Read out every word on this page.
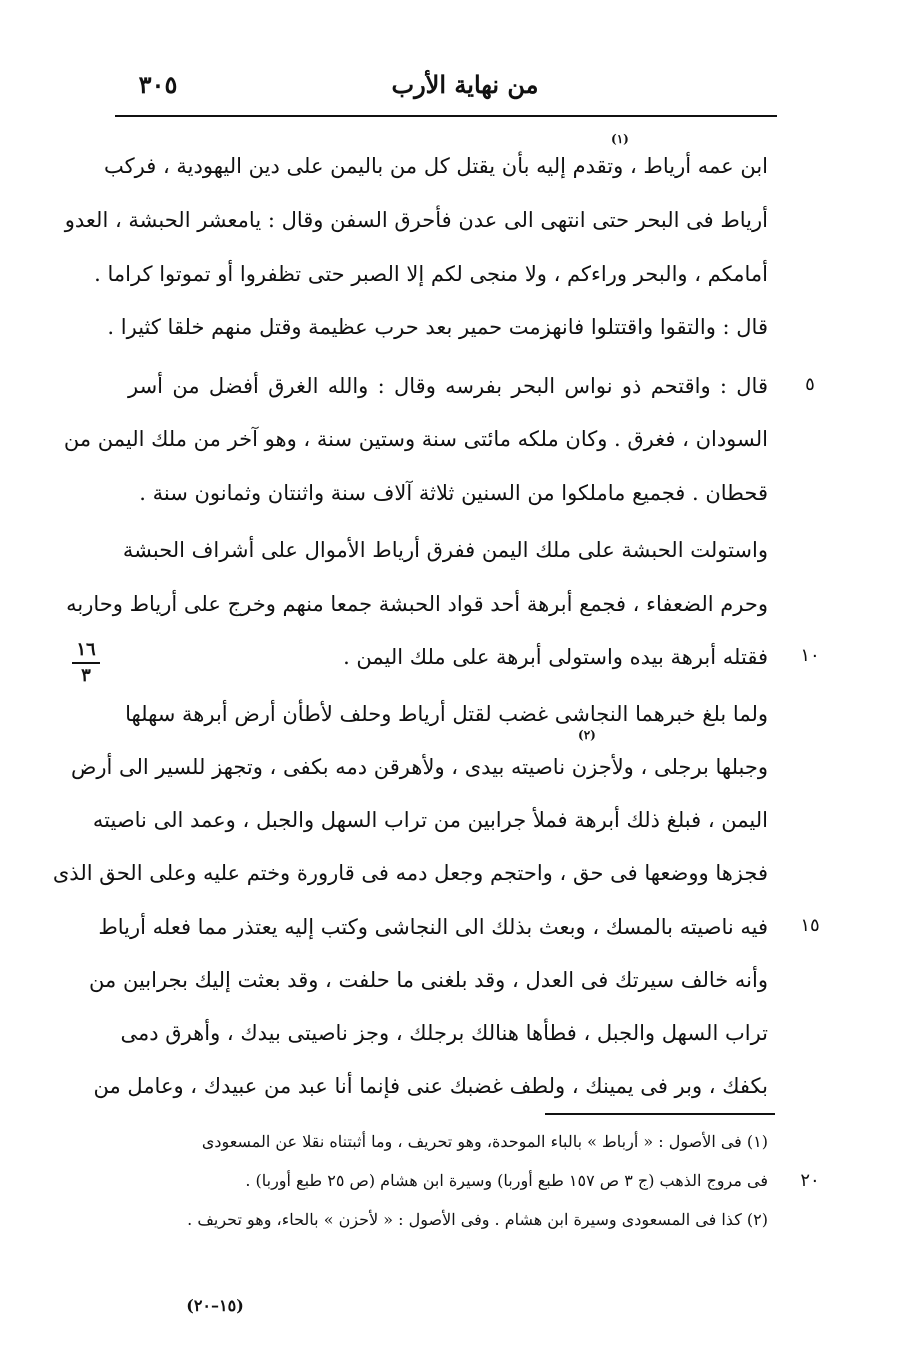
من نهاية الأرب
٣٠٥
ابن عمه أرياط ، وتقدم إليه بأن يقتل كل من باليمن على دين اليهودية ، فركب
(١)
أرياط فى البحر حتى انتهى الى عدن فأحرق السفن وقال : يامعشر الحبشة ، العدو
أمامكم ، والبحر وراءكم ، ولا منجى لكم إلا الصبر حتى تظفروا أو تموتوا كراما .
قال : والتقوا واقتتلوا فانهزمت حمير بعد حرب عظيمة وقتل منهم خلقا كثيرا .
قال : واقتحم ذو نواس البحر بفرسه وقال : والله الغرق أفضل من أسر	٥
السودان ، فغرق . وكان ملكه مائتى سنة وستين سنة ، وهو آخر من ملك اليمن من
قحطان . فجميع ماملكوا من السنين ثلاثة آلاف سنة واثنتان وثمانون سنة .
واستولت الحبشة على ملك اليمن ففرق أرياط الأموال على أشراف الحبشة
وحرم الضعفاء ، فجمع أبرهة أحد قواد الحبشة جمعا منهم وخرج على أرياط وحاربه
فقتله أبرهة بيده واستولى أبرهة على ملك اليمن .	١٠
١٦
٣
ولما بلغ خبرهما النجاشى غضب لقتل أرياط وحلف لأطأن أرض أبرهة سهلها
(٢)
وجبلها برجلى ، ولأجزن ناصيته بيدى ، ولأهرقن دمه بكفى ، وتجهز للسير الى أرض
اليمن ، فبلغ ذلك أبرهة فملأ جرابين من تراب السهل والجبل ، وعمد الى ناصيته
فجزها ووضعها فى حق ، واحتجم وجعل دمه فى قارورة وختم عليه وعلى الحق الذى
فيه ناصيته بالمسك ، وبعث بذلك الى النجاشى وكتب إليه يعتذر مما فعله أرياط	١٥
وأنه خالف سيرتك فى العدل ، وقد بلغنى ما حلفت ، وقد بعثت إليك بجرابين من
تراب السهل والجبل ، فطأها هنالك برجلك ، وجز ناصيتى بيدك ، وأهرق دمى
بكفك ، وبر فى يمينك ، ولطف غضبك عنى فإنما أنا عبد من عبيدك ، وعامل من
(١) فى الأصول : « أرباط » بالباء الموحدة، وهو تحريف ، وما أثبتناه نقلا عن المسعودى
فى مروج الذهب (ج ٣ ص ١٥٧ طبع أوربا) وسيرة ابن هشام (ص ٢٥ طبع أوربا) .	٢٠
(٢) كذا فى المسعودى وسيرة ابن هشام . وفى الأصول : « لأحزن » بالحاء، وهو تحريف .
(١٥–٢٠)
